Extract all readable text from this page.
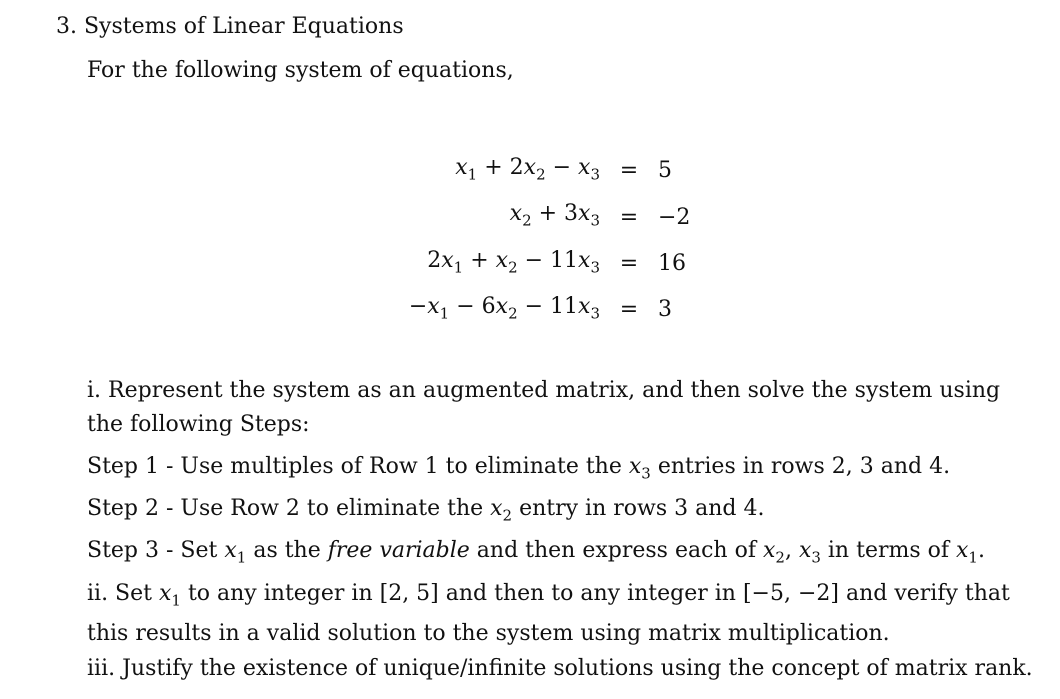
3. Systems of Linear Equations
For the following system of equations,
$x_1 + 2x_2 - x_3$	=	5
$x_2 + 3x_3$	=	−2
$2x_1 + x_2 - 11x_3$	=	16
$-x_1 - 6x_2 - 11x_3$	=	3
i. Represent the system as an augmented matrix, and then solve the system using the following Steps:
Step 1 - Use multiples of Row 1 to eliminate the $x_3$ entries in rows 2, 3 and 4.
Step 2 - Use Row 2 to eliminate the $x_2$ entry in rows 3 and 4.
Step 3 - Set $x_1$ as the free variable and then express each of $x_2$, $x_3$ in terms of $x_1$.
ii. Set $x_1$ to any integer in [2, 5] and then to any integer in [−5, −2] and verify that this results in a valid solution to the system using matrix multiplication.
iii. Justify the existence of unique/infinite solutions using the concept of matrix rank.
